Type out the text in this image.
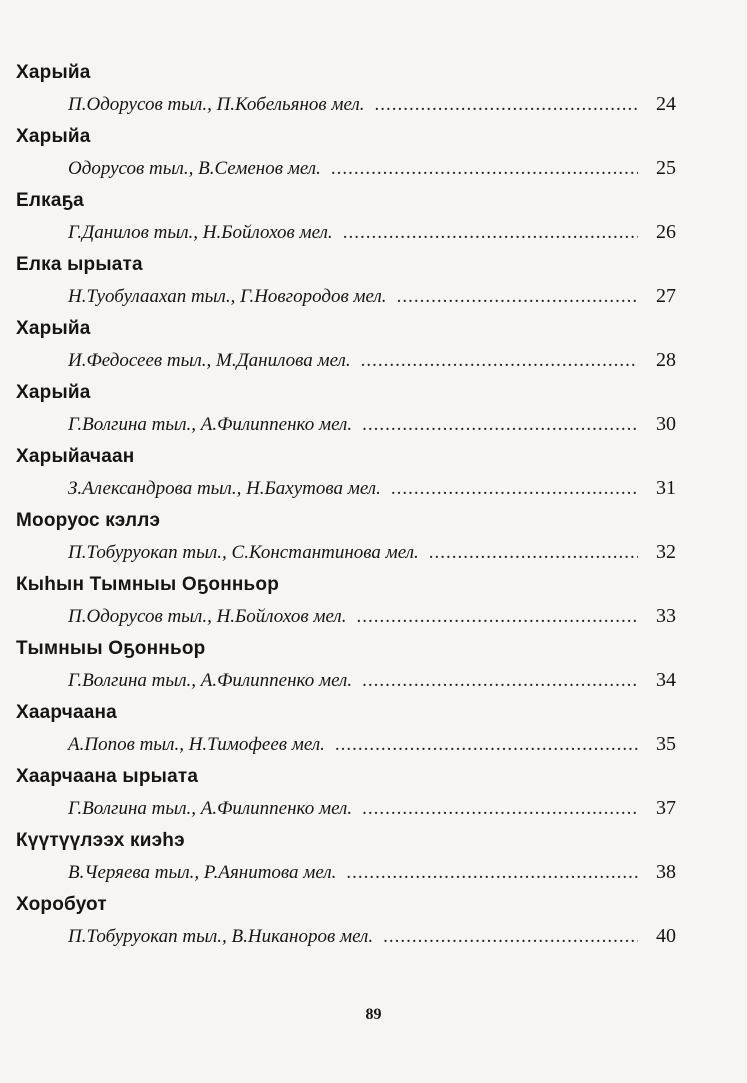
Харыйа
П.Одорусов тыл., П.Кобельянов мел. .....	24
Харыйа
Одорусов тыл., В.Семенов мел. .....	25
Елкаҕа
Г.Данилов тыл., Н.Бойлохов мел. .....	26
Елка ырыата
Н.Туобулаахап тыл., Г.Новгородов мел. .....	27
Харыйа
И.Федосеев тыл., М.Данилова мел. .....	28
Харыйа
Г.Волгина тыл., А.Филиппенко мел. .....	30
Харыйачаан
З.Александрова тыл., Н.Бахутова мел. .....	31
Мооруос кэллэ
П.Тобуруокап тыл., С.Константинова мел. .....	32
Кыһын Тымныы Оҕонньор
П.Одорусов тыл., Н.Бойлохов мел. .....	33
Тымныы Оҕонньор
Г.Волгина тыл., А.Филиппенко мел. .....	34
Хаарчаана
А.Попов тыл., Н.Тимофеев мел. .....	35
Хаарчаана ырыата
Г.Волгина тыл., А.Филиппенко мел. .....	37
Күүтүүлээх киэһэ
В.Черяева тыл., Р.Аянитова мел. .....	38
Хоробуот
П.Тобуруокап тыл., В.Никаноров мел. .....	40
89
